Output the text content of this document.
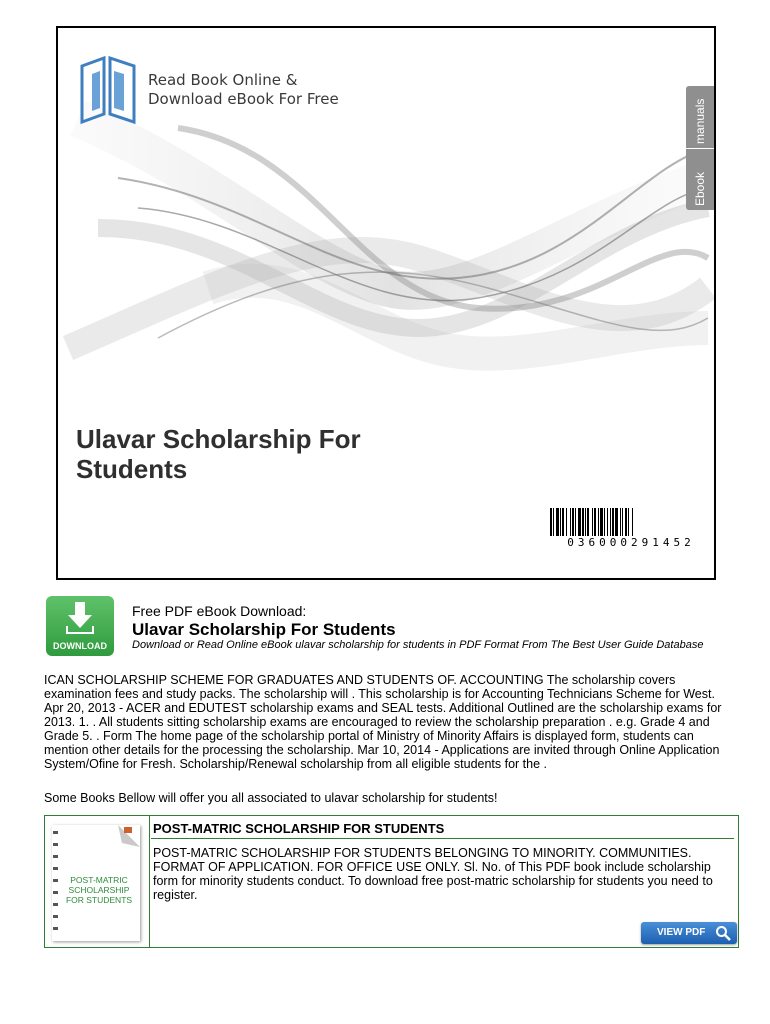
Read Book Online &
Download eBook For Free	manuals
Ebook
Ulavar Scholarship For
Students
036000291452
DOWNLOAD
Free PDF eBook Download:
Ulavar Scholarship For Students
Download or Read Online eBook ulavar scholarship for students in PDF Format From The Best User Guide Database

ICAN SCHOLARSHIP SCHEME FOR GRADUATES AND STUDENTS OF. ACCOUNTING The scholarship covers examination fees and study packs. The scholarship will . This scholarship is for Accounting Technicians Scheme for West. Apr 20, 2013 - ACER and EDUTEST scholarship exams and SEAL tests. Additional Outlined are the scholarship exams for 2013. 1. . All students sitting scholarship exams are encouraged to review the scholarship preparation . e.g. Grade 4 and Grade 5. . Form The home page of the scholarship portal of Ministry of Minority Affairs is displayed form, students can mention other details for the processing the scholarship. Mar 10, 2014 - Applications are invited through Online Application System/Ofine for Fresh. Scholarship/Renewal scholarship from all eligible students for the .

Some Books Bellow will offer you all associated to ulavar scholarship for students!

POST-MATRIC SCHOLARSHIP FOR STUDENTS
POST-MATRIC SCHOLARSHIP FOR STUDENTS

POST-MATRIC SCHOLARSHIP FOR STUDENTS BELONGING TO MINORITY. COMMUNITIES. FORMAT OF APPLICATION. FOR OFFICE USE ONLY. Sl. No. of This PDF book include scholarship form for minority students conduct. To download free post-matric scholarship for students you need to register.

VIEW PDF
